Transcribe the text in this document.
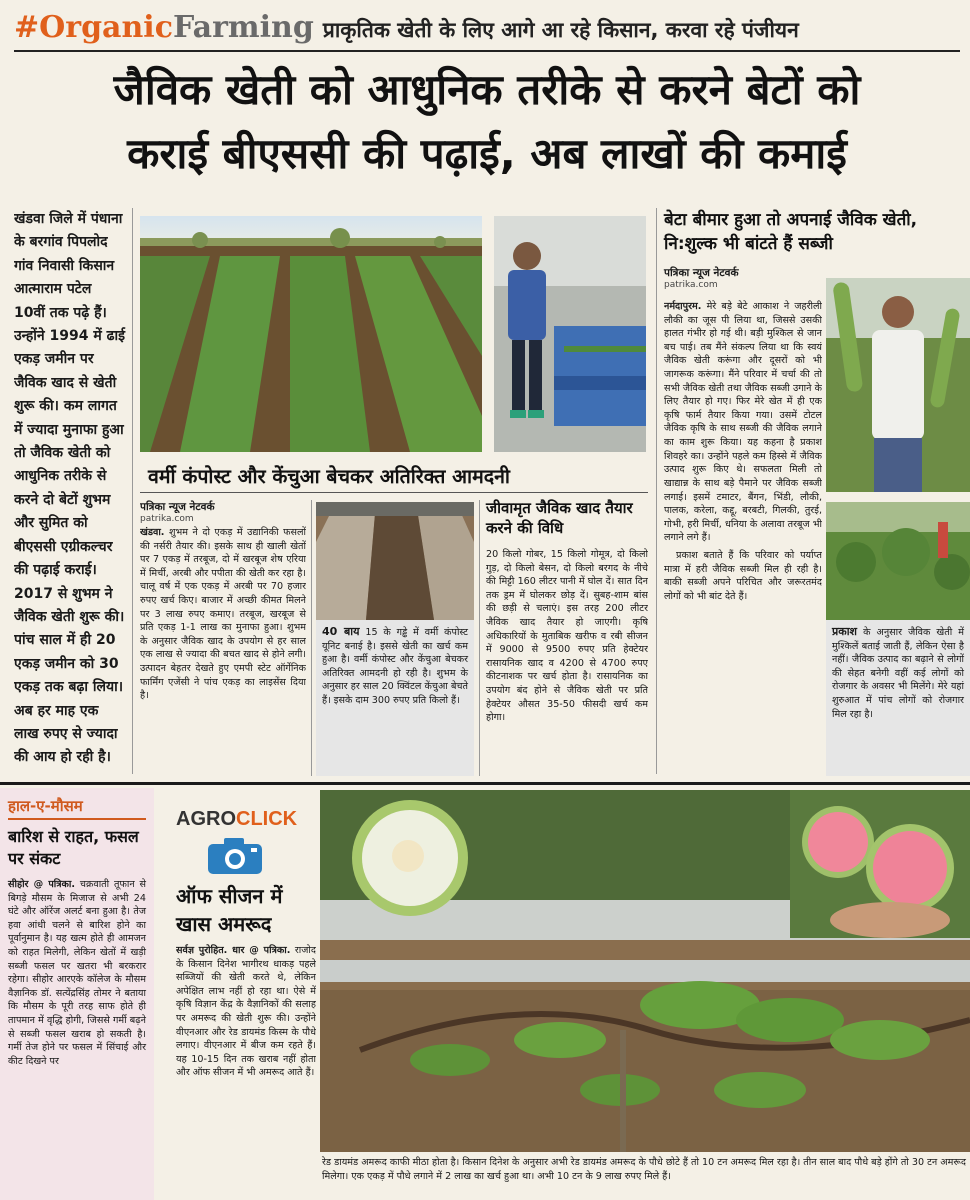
#OrganicFarming प्राकृतिक खेती के लिए आगे आ रहे किसान, करवा रहे पंजीयन
जैविक खेती को आधुनिक तरीके से करने बेटों को
कराई बीएससी की पढ़ाई, अब लाखों की कमाई

खंडवा जिले में पंधाना के बरगांव पिपलोद गांव निवासी किसान आत्माराम पटेल 10वीं तक पढ़े हैं। उन्होंने 1994 में ढाई एकड़ जमीन पर जैविक खाद से खेती शुरू की। कम लागत में ज्यादा मुनाफा हुआ तो जैविक खेती को आधुनिक तरीके से करने दो बेटों शुभम और सुमित को बीएससी एग्रीकल्चर की पढ़ाई कराई। 2017 से शुभम ने जैविक खेती शुरू की। पांच साल में ही 20 एकड़ जमीन को 30 एकड़ तक बढ़ा लिया। अब हर माह एक लाख रुपए से ज्यादा की आय हो रही है।

वर्मी कंपोस्ट और केंचुआ बेचकर अतिरिक्त आमदनी
पत्रिका न्यूज नेटवर्क
patrika.com

खंडवा. शुभम ने दो एकड़ में उद्यानिकी फसलों की नर्सरी तैयार की। इसके साथ ही खाली खेतों पर 7 एकड़ में तरबूज, दो में खरबूज शेष एरिया में मिर्ची, अरबी और पपीता की खेती कर रहा है। चालू वर्ष में एक एकड़ में अरबी पर 70 हजार रुपए खर्च किए। बाजार में अच्छी कीमत मिलने पर 3 लाख रुपए कमाए। तरबूज, खरबूज से प्रति एकड़ 1-1 लाख का मुनाफा हुआ। शुभम के अनुसार जैविक खाद के उपयोग से हर साल एक लाख से ज्यादा की बचत खाद से होने लगी। उत्पादन बेहतर देखते हुए एमपी स्टेट ऑर्गेनिक फार्मिंग एजेंसी ने पांच एकड़ का लाइसेंस दिया है।

40 बाय 15 के गड्ढे में वर्मी कंपोस्ट यूनिट बनाई है। इससे खेती का खर्च कम हुआ है। वर्मी कंपोस्ट और केंचुआ बेचकर अतिरिक्त आमदनी हो रही है। शुभम के अनुसार हर साल 20 क्विंटल केंचुआ बेचते हैं। इसके दाम 300 रुपए प्रति किलो हैं।

जीवामृत जैविक खाद तैयार करने की विधि

20 किलो गोबर, 15 किलो गोमूत्र, दो किलो गुड़, दो किलो बेसन, दो किलो बरगद के नीचे की मिट्टी 160 लीटर पानी में घोल दें। सात दिन तक ड्रम में घोलकर छोड़ दें। सुबह-शाम बांस की छड़ी से चलाएं। इस तरह 200 लीटर जैविक खाद तैयार हो जाएगी। कृषि अधिकारियों के मुताबिक खरीफ व रबी सीजन में 9000 से 9500 रुपए प्रति हेक्टेयर रासायनिक खाद व 4200 से 4700 रुपए कीटनाशक पर खर्च होता है। रासायनिक का उपयोग बंद होने से जैविक खेती पर प्रति हेक्टेयर औसत 35-50 फीसदी खर्च कम होगा।

बेटा बीमार हुआ तो अपनाई जैविक खेती, नि:शुल्क भी बांटते हैं सब्जी
पत्रिका न्यूज नेटवर्क
patrika.com

नर्मदापुरम. मेरे बड़े बेटे आकाश ने जहरीली लौकी का जूस पी लिया था, जिससे उसकी हालत गंभीर हो गई थी। बड़ी मुश्किल से जान बच पाई। तब मैंने संकल्प लिया था कि स्वयं जैविक खेती करूंगा और दूसरों को भी जागरूक करूंगा। मैंने परिवार में चर्चा की तो सभी जैविक खेती तथा जैविक सब्जी उगाने के लिए तैयार हो गए। फिर मेरे खेत में ही एक कृषि फार्म तैयार किया गया। उसमें टोटल जैविक कृषि के साथ सब्जी की जैविक लगाने का काम शुरू किया। यह कहना है प्रकाश शिवहरे का। उन्होंने पहले कम हिस्से में जैविक उत्पाद शुरू किए थे। सफलता मिली तो खाद्यान्न के साथ बड़े पैमाने पर जैविक सब्जी लगाई। इसमें टमाटर, बैंगन, भिंडी, लौकी, पालक, करेला, कद्दू, बरबटी, गिलकी, तुरई, गोभी, हरी मिर्ची, धनिया के अलावा तरबूज भी लगाने लगे हैं।

प्रकाश बताते हैं कि परिवार को पर्याप्त मात्रा में हरी जैविक सब्जी मिल ही रही है। बाकी सब्जी अपने परिचित और जरूरतमंद लोगों को भी बांट देते हैं।

प्रकाश के अनुसार जैविक खेती में मुश्किलें बताई जाती हैं, लेकिन ऐसा है नहीं। जैविक उत्पाद का बढ़ाने से लोगों की सेहत बनेगी वहीं कई लोगों को रोजगार के अवसर भी मिलेंगे। मेरे यहां शुरुआत में पांच लोगों को रोजगार मिल रहा है।

हाल-ए-मौसम
बारिश से राहत, फसल पर संकट

सीहोर @ पत्रिका. चक्रवाती तूफान से बिगड़े मौसम के मिजाज से अभी 24 घंटे और ऑरेंज अलर्ट बना हुआ है। तेज हवा आंधी चलने से बारिश होने का पूर्वानुमान है। यह खत्म होते ही आमजन को राहत मिलेगी, लेकिन खेतों में खड़ी सब्जी फसल पर खतरा भी बरकरार रहेगा। सीहोर आरएके कॉलेज के मौसम वैज्ञानिक डॉ. सत्येंद्रसिंह तोमर ने बताया कि मौसम के पूरी तरह साफ होते ही तापमान में वृद्धि होगी, जिससे गर्मी बढ़ने से सब्जी फसल खराब हो सकती है। गर्मी तेज होने पर फसल में सिंचाई और कीट दिखने पर

AGROCLICK
ऑफ सीजन में खास अमरूद

सर्वज्ञ पुरोहित. धार @ पत्रिका. राजोद के किसान दिनेश भागीरथ धाकड़ पहले सब्जियों की खेती करते थे, लेकिन अपेक्षित लाभ नहीं हो रहा था। ऐसे में कृषि विज्ञान केंद्र के वैज्ञानिकों की सलाह पर अमरूद की खेती शुरू की। उन्होंने वीएनआर और रेड डायमंड किस्म के पौधे लगाए। वीएनआर में बीज कम रहते हैं। यह 10-15 दिन तक खराब नहीं होता और ऑफ सीजन में भी अमरूद आते हैं।

रेड डायमंड अमरूद काफी मीठा होता है। किसान दिनेश के अनुसार अभी रेड डायमंड अमरूद के पौधे छोटे हैं तो 10 टन अमरूद मिल रहा है। तीन साल बाद पौधे बड़े होंगे तो 30 टन अमरूद मिलेगा। एक एकड़ में पौधे लगाने में 2 लाख का खर्च हुआ था। अभी 10 टन के 9 लाख रुपए मिले हैं।
